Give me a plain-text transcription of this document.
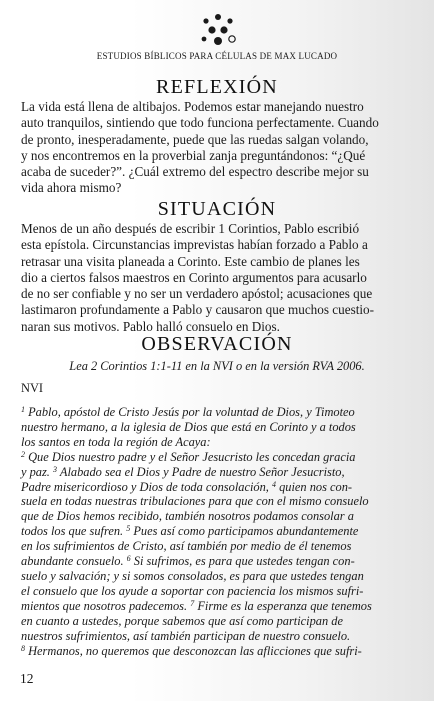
ESTUDIOS BÍBLICOS PARA CÉLULAS DE MAX LUCADO
REFLEXIÓN
La vida está llena de altibajos. Podemos estar manejando nuestro
auto tranquilos, sintiendo que todo funciona perfectamente. Cuando
de pronto, inesperadamente, puede que las ruedas salgan volando,
y nos encontremos en la proverbial zanja preguntándonos: “¿Qué
acaba de suceder?”. ¿Cuál extremo del espectro describe mejor su
vida ahora mismo?
SITUACIÓN
Menos de un año después de escribir 1 Corintios, Pablo escribió
esta epístola. Circunstancias imprevistas habían forzado a Pablo a
retrasar una visita planeada a Corinto. Este cambio de planes les
dio a ciertos falsos maestros en Corinto argumentos para acusarlo
de no ser confiable y no ser un verdadero apóstol; acusaciones que
lastimaron profundamente a Pablo y causaron que muchos cuestio-
naran sus motivos. Pablo halló consuelo en Dios.
OBSERVACIÓN
Lea 2 Corintios 1:1-11 en la NVI o en la versión RVA 2006.
NVI
$^1$ Pablo, apóstol de Cristo Jesús por la voluntad de Dios, y Timoteo
nuestro hermano, a la iglesia de Dios que está en Corinto y a todos
los santos en toda la región de Acaya:
$^2$ Que Dios nuestro padre y el Señor Jesucristo les concedan gracia
y paz. $^3$ Alabado sea el Dios y Padre de nuestro Señor Jesucristo,
Padre misericordioso y Dios de toda consolación, $^4$ quien nos con-
suela en todas nuestras tribulaciones para que con el mismo consuelo
que de Dios hemos recibido, también nosotros podamos consolar a
todos los que sufren. $^5$ Pues así como participamos abundantemente
en los sufrimientos de Cristo, así también por medio de él tenemos
abundante consuelo. $^6$ Si sufrimos, es para que ustedes tengan con-
suelo y salvación; y si somos consolados, es para que ustedes tengan
el consuelo que los ayude a soportar con paciencia los mismos sufri-
mientos que nosotros padecemos. $^7$ Firme es la esperanza que tenemos
en cuanto a ustedes, porque sabemos que así como participan de
nuestros sufrimientos, así también participan de nuestro consuelo.
$^8$ Hermanos, no queremos que desconozcan las aflicciones que sufri-
12
